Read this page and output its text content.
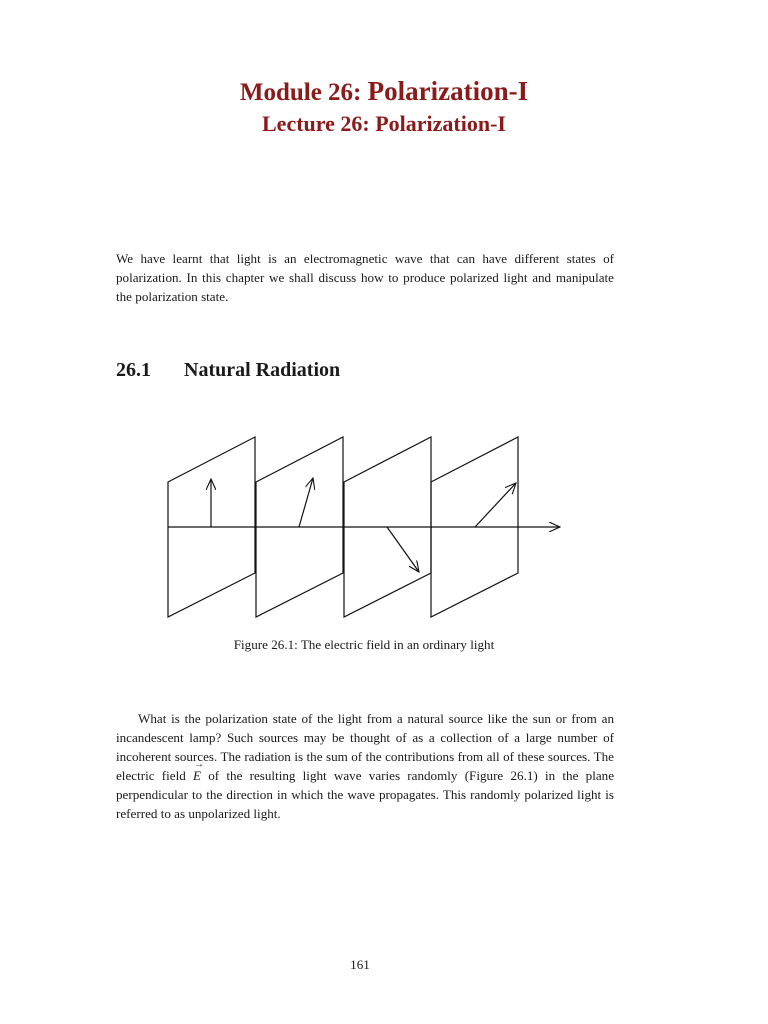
Module 26: Polarization-I
Lecture 26: Polarization-I

We have learnt that light is an electromagnetic wave that can have different states of polarization. In this chapter we shall discuss how to produce polarized light and manipulate the polarization state.

26.1 Natural Radiation
Figure 26.1: The electric field in an ordinary light

What is the polarization state of the light from a natural source like the sun or from an incandescent lamp? Such sources may be thought of as a collection of a large number of incoherent sources. The radiation is the sum of the contributions from all of these sources. The electric field → E of the resulting light wave varies randomly (Figure 26.1) in the plane perpendicular to the direction in which the wave propagates. This randomly polarized light is referred to as unpolarized light.

161
